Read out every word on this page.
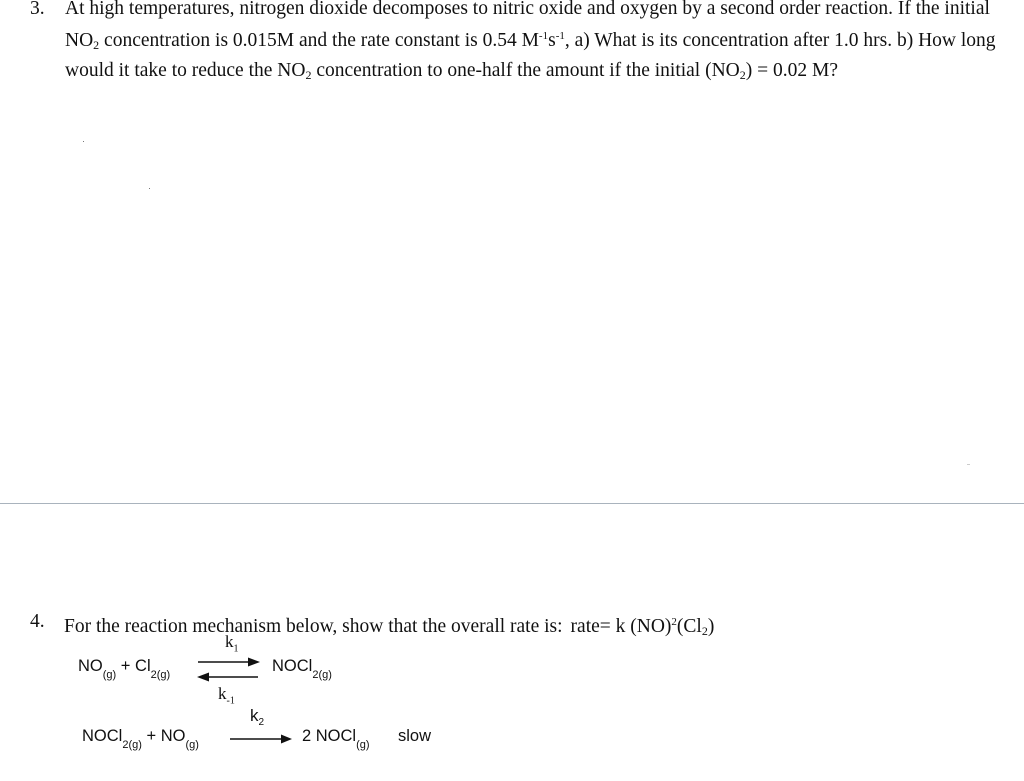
3. At high temperatures, nitrogen dioxide decomposes to nitric oxide and oxygen by a second order reaction. If the initial $NO_2$ concentration is 0.015M and the rate constant is 0.54 $M^{-1}s^{-1}$, a) What is its concentration after 1.0 hrs. b) How long would it take to reduce the $NO_2$ concentration to one-half the amount if the initial $(NO_2) = 0.02$ M?
4. For the reaction mechanism below, show that the overall rate is: rate= k $(NO)^2(Cl_2)$
$NO_{(g)} + Cl_{2(g)}$
$k_1$
$k_{-1}$
NOCl$_{2(g)}$
NOCl$_{2(g)}$ + $NO_{(g)}$
$k_2$
2 NOCl$_{(g)}$ slow
